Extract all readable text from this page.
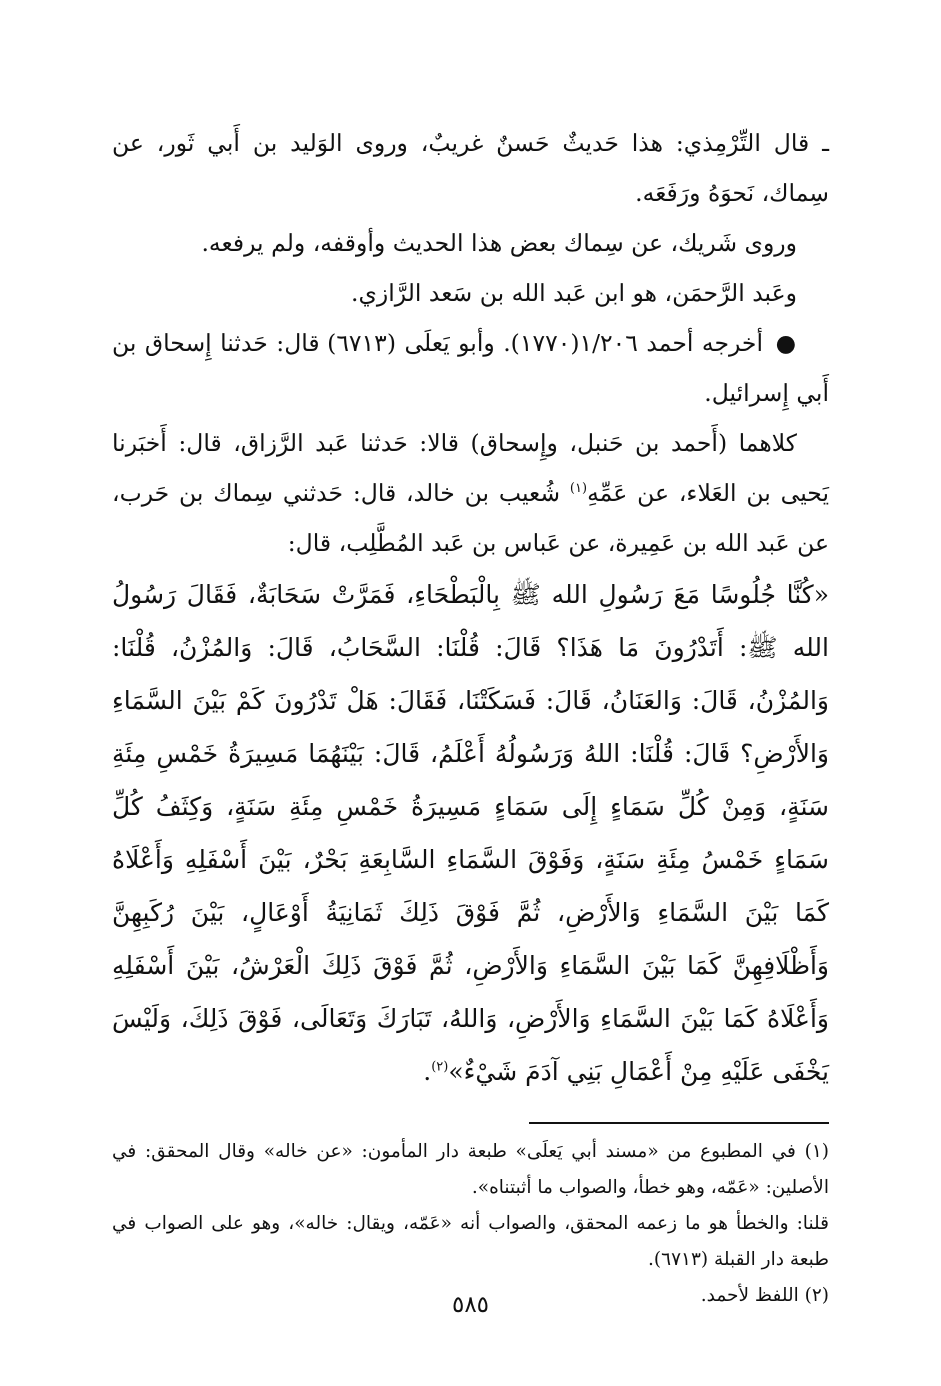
ـ قال التِّرْمِذي: هذا حَديثٌ حَسنٌ غريبٌ، وروى الوَليد بن أَبي ثَور، عن سِماك، نَحوَهُ ورَفَعَه.

وروى شَريك، عن سِماك بعض هذا الحديث وأوقفه، ولم يرفعه.

وعَبد الرَّحمَن، هو ابن عَبد الله بن سَعد الرَّازي.

● أخرجه أحمد ١/٢٠٦(١٧٧٠). وأبو يَعلَى (٦٧١٣) قال: حَدثنا إِسحاق بن أَبي إِسرائيل.

كلاهما (أَحمد بن حَنبل، وإِسحاق) قالا: حَدثنا عَبد الرَّزاق، قال: أَخبَرنا يَحيى بن العَلاء، عن عَمِّهِ$^{(١)}$ شُعيب بن خالد، قال: حَدثني سِماك بن حَرب، عن عَبد الله بن عَمِيرة، عن عَباس بن عَبد المُطَّلِب، قال:

«كُنَّا جُلُوسًا مَعَ رَسُولِ الله ﷺ بِالْبَطْحَاءِ، فَمَرَّتْ سَحَابَةٌ، فَقَالَ رَسُولُ الله ﷺ: أَتَدْرُونَ مَا هَذَا؟ قَالَ: قُلْنَا: السَّحَابُ، قَالَ: وَالمُزْنُ، قُلْنَا: وَالمُزْنُ، قَالَ: وَالعَنَانُ، قَالَ: فَسَكَتْنَا، فَقَالَ: هَلْ تَدْرُونَ كَمْ بَيْنَ السَّمَاءِ وَالأَرْضِ؟ قَالَ: قُلْنَا: اللهُ وَرَسُولُهُ أَعْلَمُ، قَالَ: بَيْنَهُمَا مَسِيرَةُ خَمْسِ مِئَةِ سَنَةٍ، وَمِنْ كُلِّ سَمَاءٍ إِلَى سَمَاءٍ مَسِيرَةُ خَمْسِ مِئَةِ سَنَةٍ، وَكِثَفُ كُلِّ سَمَاءٍ خَمْسُ مِئَةِ سَنَةٍ، وَفَوْقَ السَّمَاءِ السَّابِعَةِ بَحْرٌ، بَيْنَ أَسْفَلِهِ وَأَعْلَاهُ كَمَا بَيْنَ السَّمَاءِ وَالأَرْضِ، ثُمَّ فَوْقَ ذَلِكَ ثَمَانِيَةُ أَوْعَالٍ، بَيْنَ رُكَبِهِنَّ وَأَظْلَافِهِنَّ كَمَا بَيْنَ السَّمَاءِ وَالأَرْضِ، ثُمَّ فَوْقَ ذَلِكَ الْعَرْشُ، بَيْنَ أَسْفَلِهِ وَأَعْلَاهُ كَمَا بَيْنَ السَّمَاءِ وَالأَرْضِ، وَاللهُ، تَبَارَكَ وَتَعَالَى، فَوْقَ ذَلِكَ، وَلَيْسَ يَخْفَى عَلَيْهِ مِنْ أَعْمَالِ بَنِي آدَمَ شَيْءٌ»$^{(٢)}$.

(١) في المطبوع من «مسند أبي يَعلَى» طبعة دار المأمون: «عن خاله» وقال المحقق: في الأصلين: «عَمّه، وهو خطأ، والصواب ما أثبتناه».

قلنا: والخطأ هو ما زعمه المحقق، والصواب أنه «عَمّه، ويقال: خاله»، وهو على الصواب في طبعة دار القبلة (٦٧١٣).

(٢) اللفظ لأحمد.

٥٨٥
